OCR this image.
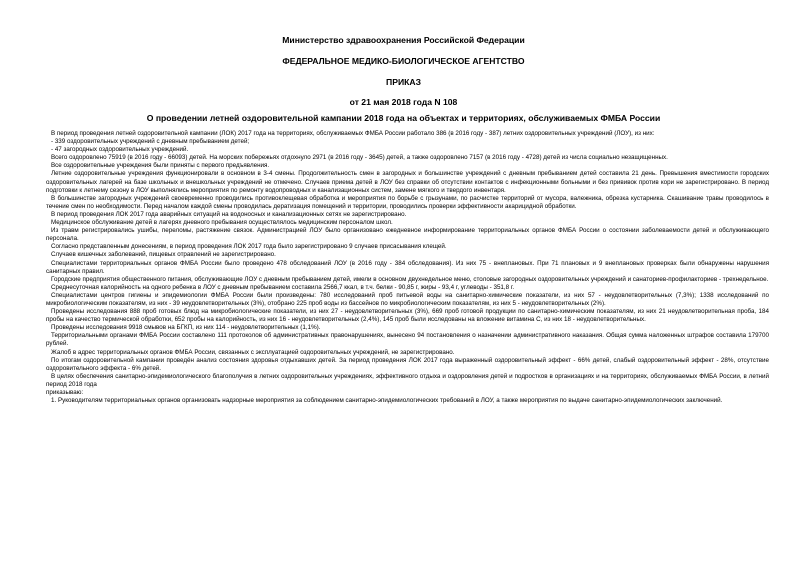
Министерство здравоохранения Российской Федерации
ФЕДЕРАЛЬНОЕ МЕДИКО-БИОЛОГИЧЕСКОЕ АГЕНТСТВО
ПРИКАЗ
от 21 мая 2018 года N 108
О проведении летней оздоровительной кампании 2018 года на объектах и территориях, обслуживаемых ФМБА России

В период проведения летней оздоровительной кампании (ЛОК) 2017 года на территориях, обслуживаемых ФМБА России работало 386 (в 2016 году - 387) летних оздоровительных учреждений (ЛОУ), из них:

- 339 оздоровительных учреждений с дневным пребыванием детей;

- 47 загородных оздоровительных учреждений.

Всего оздоровлено 75919 (в 2016 году - 66093) детей. На морских побережьях отдохнуло 2971 (в 2016 году - 3645) детей, а также оздоровлено 7157 (в 2016 году - 4728) детей из числа социально незащищенных.

Все оздоровительные учреждения были приняты с первого предъявления.

Летние оздоровительные учреждения функционировали в основном в 3-4 смены. Продолжительность смен в загородных и большинстве учреждений с дневным пребыванием детей составила 21 день. Превышения вместимости городских оздоровительных лагерей на базе школьных и внешкольных учреждений не отмечено. Случаев приема детей в ЛОУ без справки об отсутствии контактов с инфекционными больными и без прививок против кори не зарегистрировано. В период подготовки к летнему сезону в ЛОУ выполнялись мероприятия по ремонту водопроводных и канализационных систем, замене мягкого и твердого инвентаря.

В большинстве загородных учреждений своевременно проводились противоклещевая обработка и мероприятия по борьбе с грызунами, по расчистке территорий от мусора, валежника, обрезка кустарника. Скашивание травы проводилось в течение смен по необходимости. Перед началом каждой смены проводилась дератизация помещений и территории, проводились проверки эффективности акарицидной обработки.

В период проведения ЛОК 2017 года аварийных ситуаций на водоносных и канализационных сетях не зарегистрировано.

Медицинское обслуживание детей в лагерях дневного пребывания осуществлялось медицинским персоналом школ.

Из травм регистрировались ушибы, переломы, растяжение связок. Администрацией ЛОУ было организовано ежедневное информирование территориальных органов ФМБА России о состоянии заболеваемости детей и обслуживающего персонала.

Согласно представленным донесениям, в период проведения ЛОК 2017 года было зарегистрировано 9 случаев присасывания клещей.

Случаев кишечных заболеваний, пищевых отравлений не зарегистрировано.

Специалистами территориальных органов ФМБА России было проведено 478 обследований ЛОУ (в 2016 году - 384 обследования). Из них 75 - внеплановых. При 71 плановых и 9 внеплановых проверках были обнаружены нарушения санитарных правил.

Городские предприятия общественного питания, обслуживающие ЛОУ с дневным пребыванием детей, имели в основном двухнедельное меню, столовые загородных оздоровительных учреждений и санаториев-профилакториев - трехнедельное.

Среднесуточная калорийность на одного ребенка в ЛОУ с дневным пребыванием составила 2566,7 ккал, в т.ч. белки - 90,85 г, жиры - 93,4 г, углеводы - 351,8 г.

Специалистами центров гигиены и эпидемиологии ФМБА России были произведены: 780 исследований проб питьевой воды на санитарно-химические показатели, из них 57 - неудовлетворительных (7,3%); 1338 исследований по микробиологическим показателям, из них - 39 неудовлетворительных (3%), отобрано 225 проб воды из бассейнов по микробиологическим показателям, из них 5 - неудовлетворительных (2%).

Проведены исследования 888 проб готовых блюд на микробиологические показатели, из них 27 - неудовлетворительных (3%), 669 проб готовой продукции по санитарно-химическим показателям, из них 21 неудовлетворительная проба, 184 пробы на качество термической обработки, 652 пробы на калорийность, из них 16 - неудовлетворительных (2,4%), 145 проб были исследованы на вложение витамина С, из них 18 - неудовлетворительных.

Проведены исследования 9918 смывов на БГКП, из них 114 - неудовлетворительных (1,1%).

Территориальными органами ФМБА России составлено 111 протоколов об административных правонарушениях, вынесено 94 постановления о назначении административного наказания. Общая сумма наложенных штрафов составила 179700 рублей.

Жалоб в адрес территориальных органов ФМБА России, связанных с эксплуатацией оздоровительных учреждений, не зарегистрировано.

По итогам оздоровительной кампании проведён анализ состояния здоровья отдыхавших детей. За период проведения ЛОК 2017 года выраженный оздоровительный эффект - 66% детей, слабый оздоровительный эффект - 28%, отсутствие оздоровительного эффекта - 6% детей.

В целях обеспечения санитарно-эпидемиологического благополучия в летних оздоровительных учреждениях, эффективного отдыха и оздоровления детей и подростков в организациях и на территориях, обслуживаемых ФМБА России, в летний период 2018 года

приказываю:

1. Руководителям территориальных органов организовать надзорные мероприятия за соблюдением санитарно-эпидемиологических требований в ЛОУ, а также мероприятия по выдаче санитарно-эпидемиологических заключений.
